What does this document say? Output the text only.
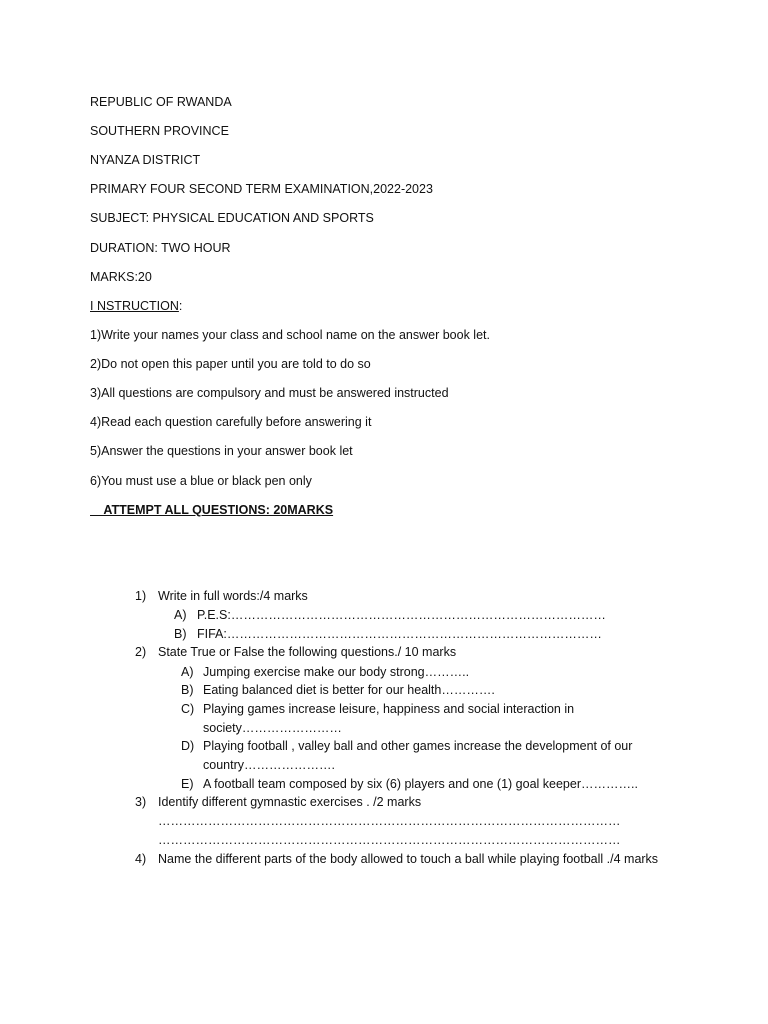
REPUBLIC OF RWANDA
SOUTHERN PROVINCE
NYANZA DISTRICT
PRIMARY FOUR SECOND TERM EXAMINATION,2022-2023
SUBJECT: PHYSICAL EDUCATION AND SPORTS
DURATION: TWO HOUR
MARKS:20
I NSTRUCTION:
1)Write your names your class and school name on the answer book let.
2)Do not open this paper until you are told to do so
3)All questions are compulsory and must be answered instructed
4)Read each question carefully before answering it
5)Answer the questions in your answer book let
6)You must use a blue or black pen only
ATTEMPT ALL QUESTIONS: 20MARKS
1) Write in full words:/4 marks
A) P.E.S:………………………………………………………………………………
B) FIFA:………………………………………………………………………………
2) State True or False the following questions./ 10 marks
A) Jumping exercise make our body strong………..
B) Eating balanced diet is better for our health………….
C) Playing games increase leisure, happiness and social interaction in
society……………………
D) Playing football , valley ball and other games increase the development of our
country………………….
E) A football team composed by six (6) players and one (1) goal keeper…………..
3) Identify different gymnastic exercises . /2 marks
…………………………………………………………………………………………………
…………………………………………………………………………………………………
4) Name the different parts of the body allowed to touch a ball while playing football ./4 marks
